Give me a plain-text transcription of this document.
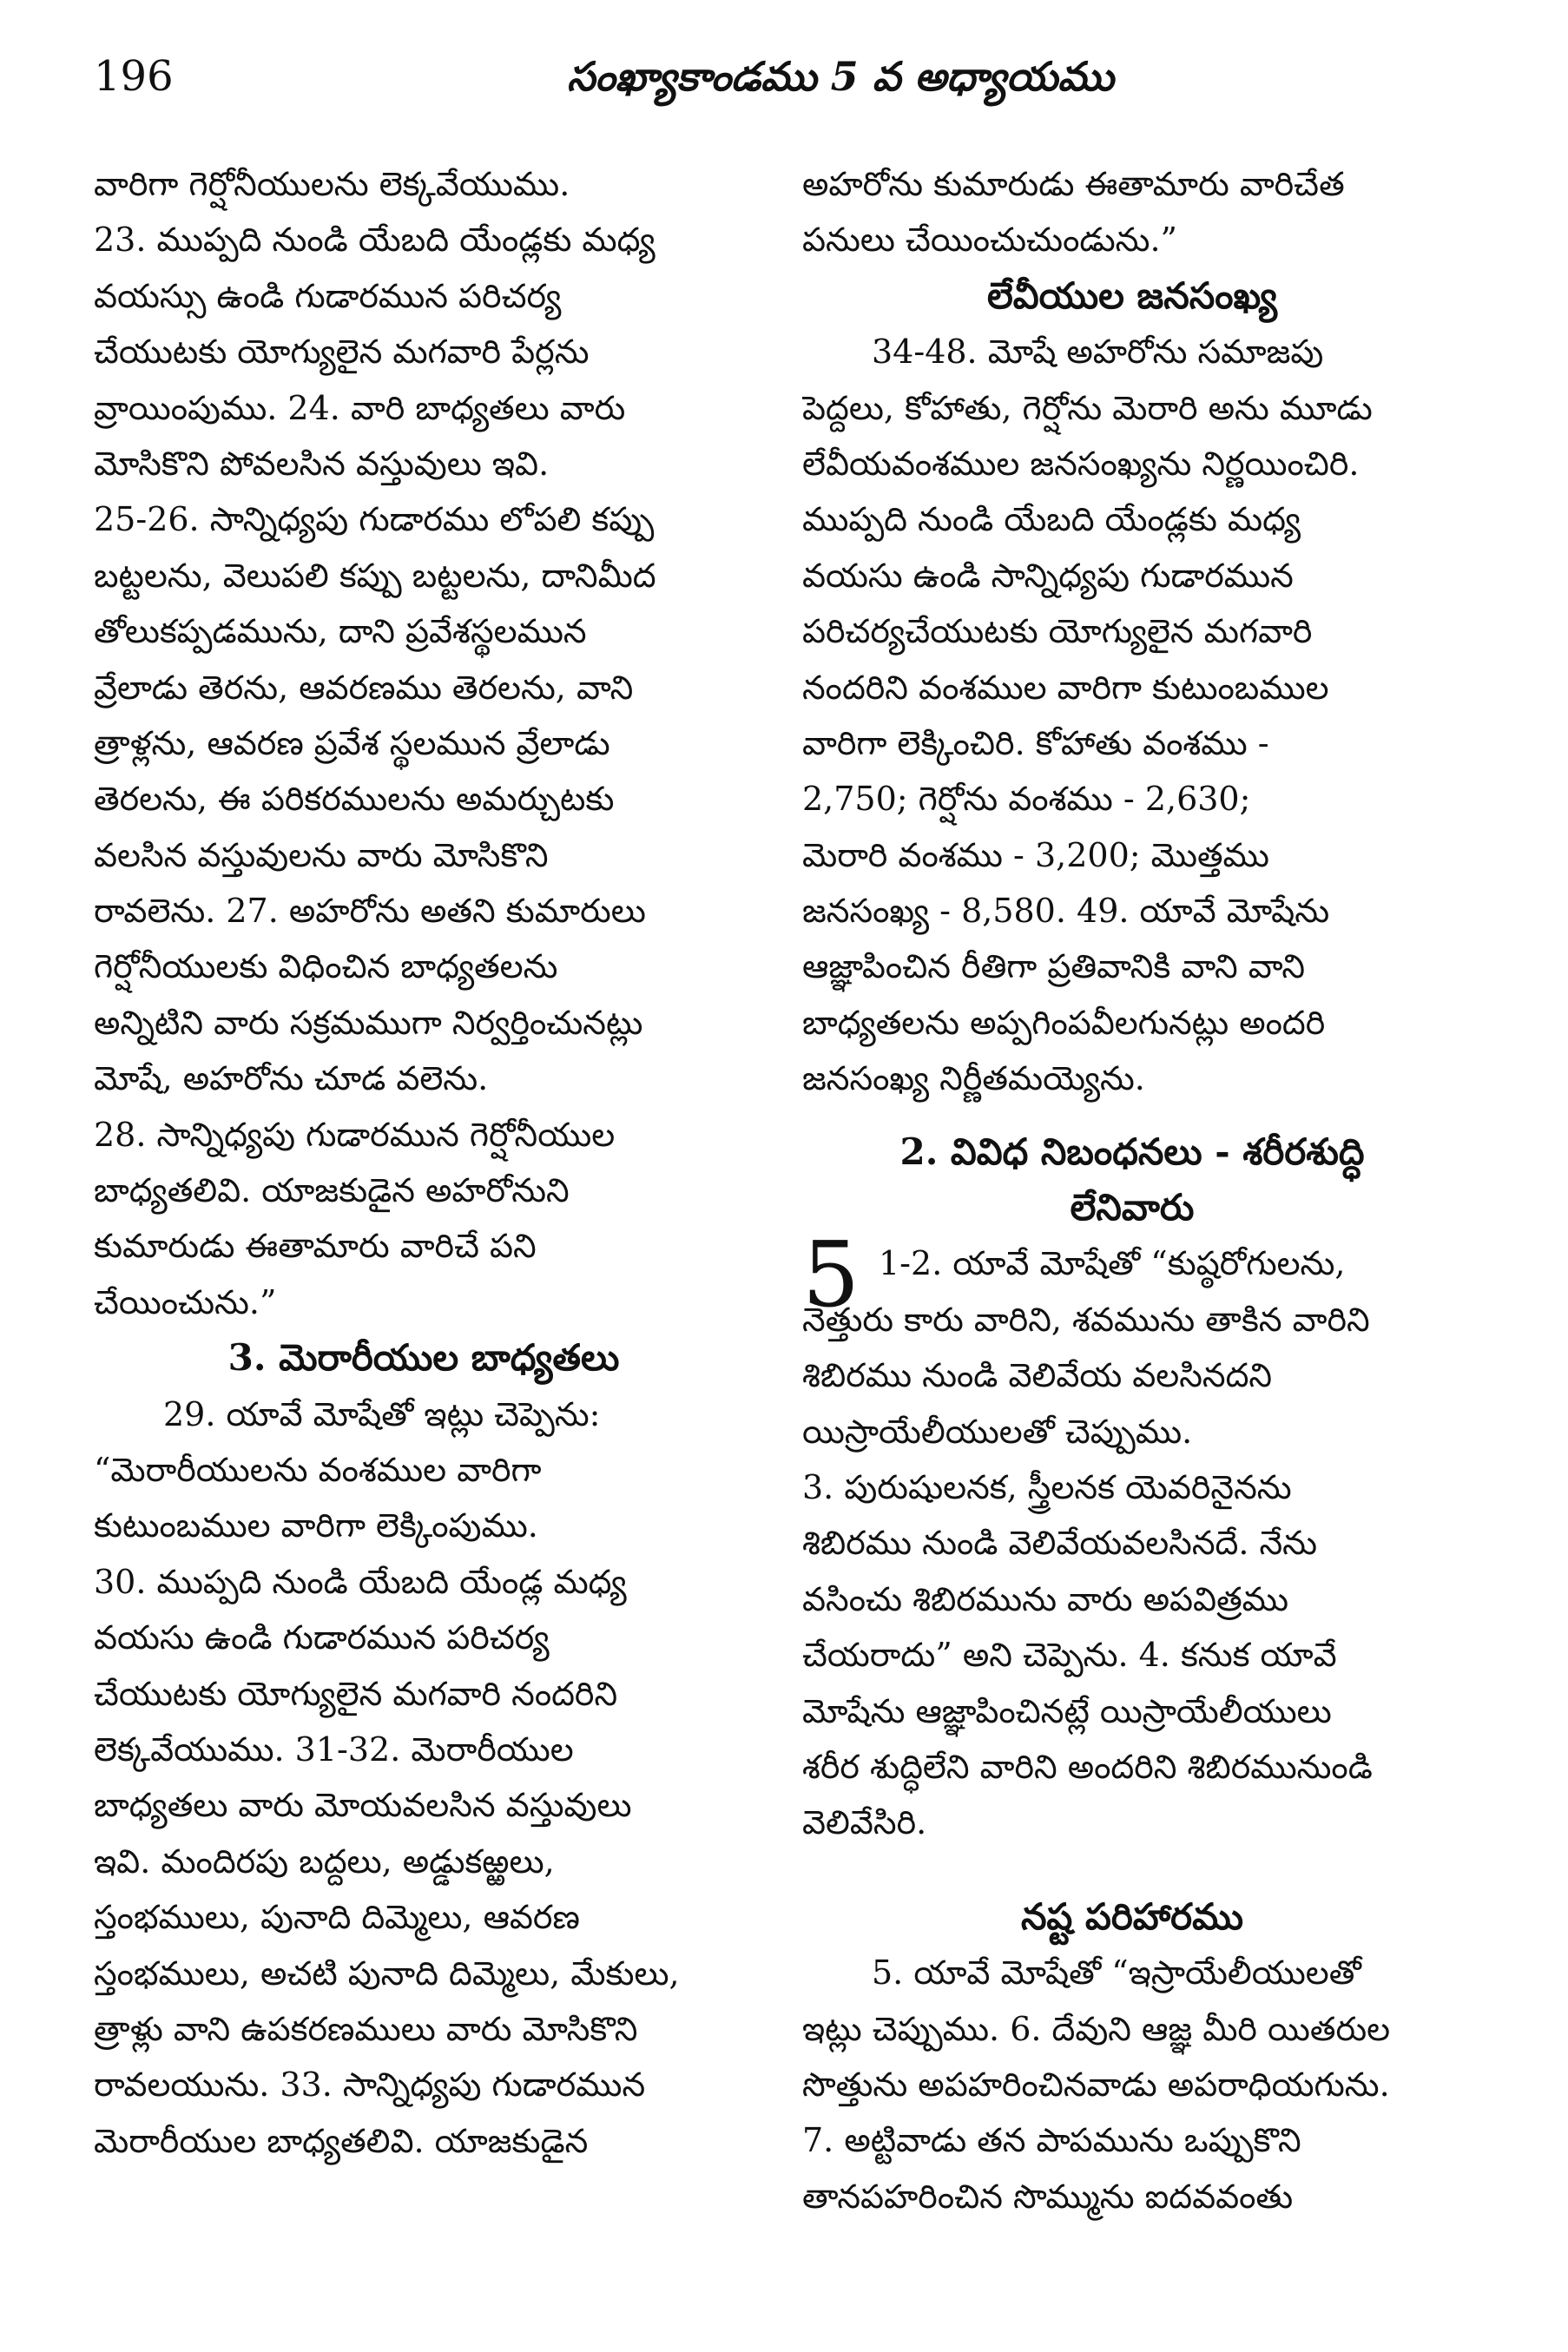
196	సంఖ్యాకాండము 5 వ అధ్యాయము

వారిగా గెర్షోనీయులను లెక్కవేయుము.

23. ముప్పది నుండి యేబది యేండ్లకు మధ్య

వయస్సు ఉండి గుడారమున పరిచర్య

చేయుటకు యోగ్యులైన మగవారి పేర్లను

వ్రాయింపుము. 24. వారి బాధ్యతలు వారు

మోసికొని పోవలసిన వస్తువులు ఇవి.

25-26. సాన్నిధ్యపు గుడారము లోపలి కప్పు

బట్టలను, వెలుపలి కప్పు బట్టలను, దానిమీద

తోలుకప్పడమును, దాని ప్రవేశస్థలమున

వ్రేలాడు తెరను, ఆవరణము తెరలను, వాని

త్రాళ్లను, ఆవరణ ప్రవేశ స్థలమున వ్రేలాడు

తెరలను, ఈ పరికరములను అమర్చుటకు

వలసిన వస్తువులను వారు మోసికొని

రావలెను. 27. అహరోను అతని కుమారులు

గెర్షోనీయులకు విధించిన బాధ్యతలను

అన్నిటిని వారు సక్రమముగా నిర్వర్తించునట్లు

మోషే, అహరోను చూడ వలెను.

28. సాన్నిధ్యపు గుడారమున గెర్షోనీయుల

బాధ్యతలివి. యాజకుడైన అహరోనుని

కుమారుడు ఈతామారు వారిచే పని

చేయించును.”

3. మెరారీయుల బాధ్యతలు

29. యావే మోషేతో ఇట్లు చెప్పెను:

“మెరారీయులను వంశముల వారిగా

కుటుంబముల వారిగా లెక్కింపుము.

30. ముప్పది నుండి యేబది యేండ్ల మధ్య

వయసు ఉండి గుడారమున పరిచర్య

చేయుటకు యోగ్యులైన మగవారి నందరిని

లెక్కవేయుము. 31-32. మెరారీయుల

బాధ్యతలు వారు మోయవలసిన వస్తువులు

ఇవి. మందిరపు బద్దలు, అడ్డుకఱ్ఱలు,

స్తంభములు, పునాది దిమ్మెలు, ఆవరణ

స్తంభములు, అచటి పునాది దిమ్మెలు, మేకులు,

త్రాళ్లు వాని ఉపకరణములు వారు మోసికొని

రావలయును. 33. సాన్నిధ్యపు గుడారమున

మెరారీయుల బాధ్యతలివి. యాజకుడైన

అహరోను కుమారుడు ఈతామారు వారిచేత

పనులు చేయించుచుండును.”

లేవీయుల జనసంఖ్య

34-48. మోషే అహరోను సమాజపు

పెద్దలు, కోహాతు, గెర్షోను మెరారి అను మూడు

లేవీయవంశముల జనసంఖ్యను నిర్ణయించిరి.

ముప్పది నుండి యేబది యేండ్లకు మధ్య

వయసు ఉండి సాన్నిధ్యపు గుడారమున

పరిచర్యచేయుటకు యోగ్యులైన మగవారి

నందరిని వంశముల వారిగా కుటుంబముల

వారిగా లెక్కించిరి. కోహాతు వంశము -

2,750; గెర్షోను వంశము - 2,630;

మెరారి వంశము - 3,200; మొత్తము

జనసంఖ్య - 8,580. 49. యావే మోషేను

ఆజ్ఞాపించిన రీతిగా ప్రతివానికి వాని వాని

బాధ్యతలను అప్పగింపవీలగునట్లు అందరి

జనసంఖ్య నిర్ణీతమయ్యెను.

2. వివిధ నిబంధనలు - శరీరశుద్ధి
లేనివారు
5 1-2. యావే మోషేతో “కుష్ఠరోగులను,

నెత్తురు కారు వారిని, శవమును తాకిన వారిని

శిబిరము నుండి వెలివేయ వలసినదని

యిస్రాయేలీయులతో చెప్పుము.

3. పురుషులనక, స్త్రీలనక యెవరినైనను

శిబిరము నుండి వెలివేయవలసినదే. నేను

వసించు శిబిరమును వారు అపవిత్రము

చేయరాదు” అని చెప్పెను. 4. కనుక యావే

మోషేను ఆజ్ఞాపించినట్లే యిస్రాయేలీయులు

శరీర శుద్ధిలేని వారిని అందరిని శిబిరమునుండి

వెలివేసిరి.

నష్ట పరిహారము

5. యావే మోషేతో “ఇస్రాయేలీయులతో

ఇట్లు చెప్పుము. 6. దేవుని ఆజ్ఞ మీరి యితరుల

సొత్తును అపహరించినవాడు అపరాధియగును.

7. అట్టివాడు తన పాపమును ఒప్పుకొని

తానపహరించిన సొమ్మును ఐదవవంతు
